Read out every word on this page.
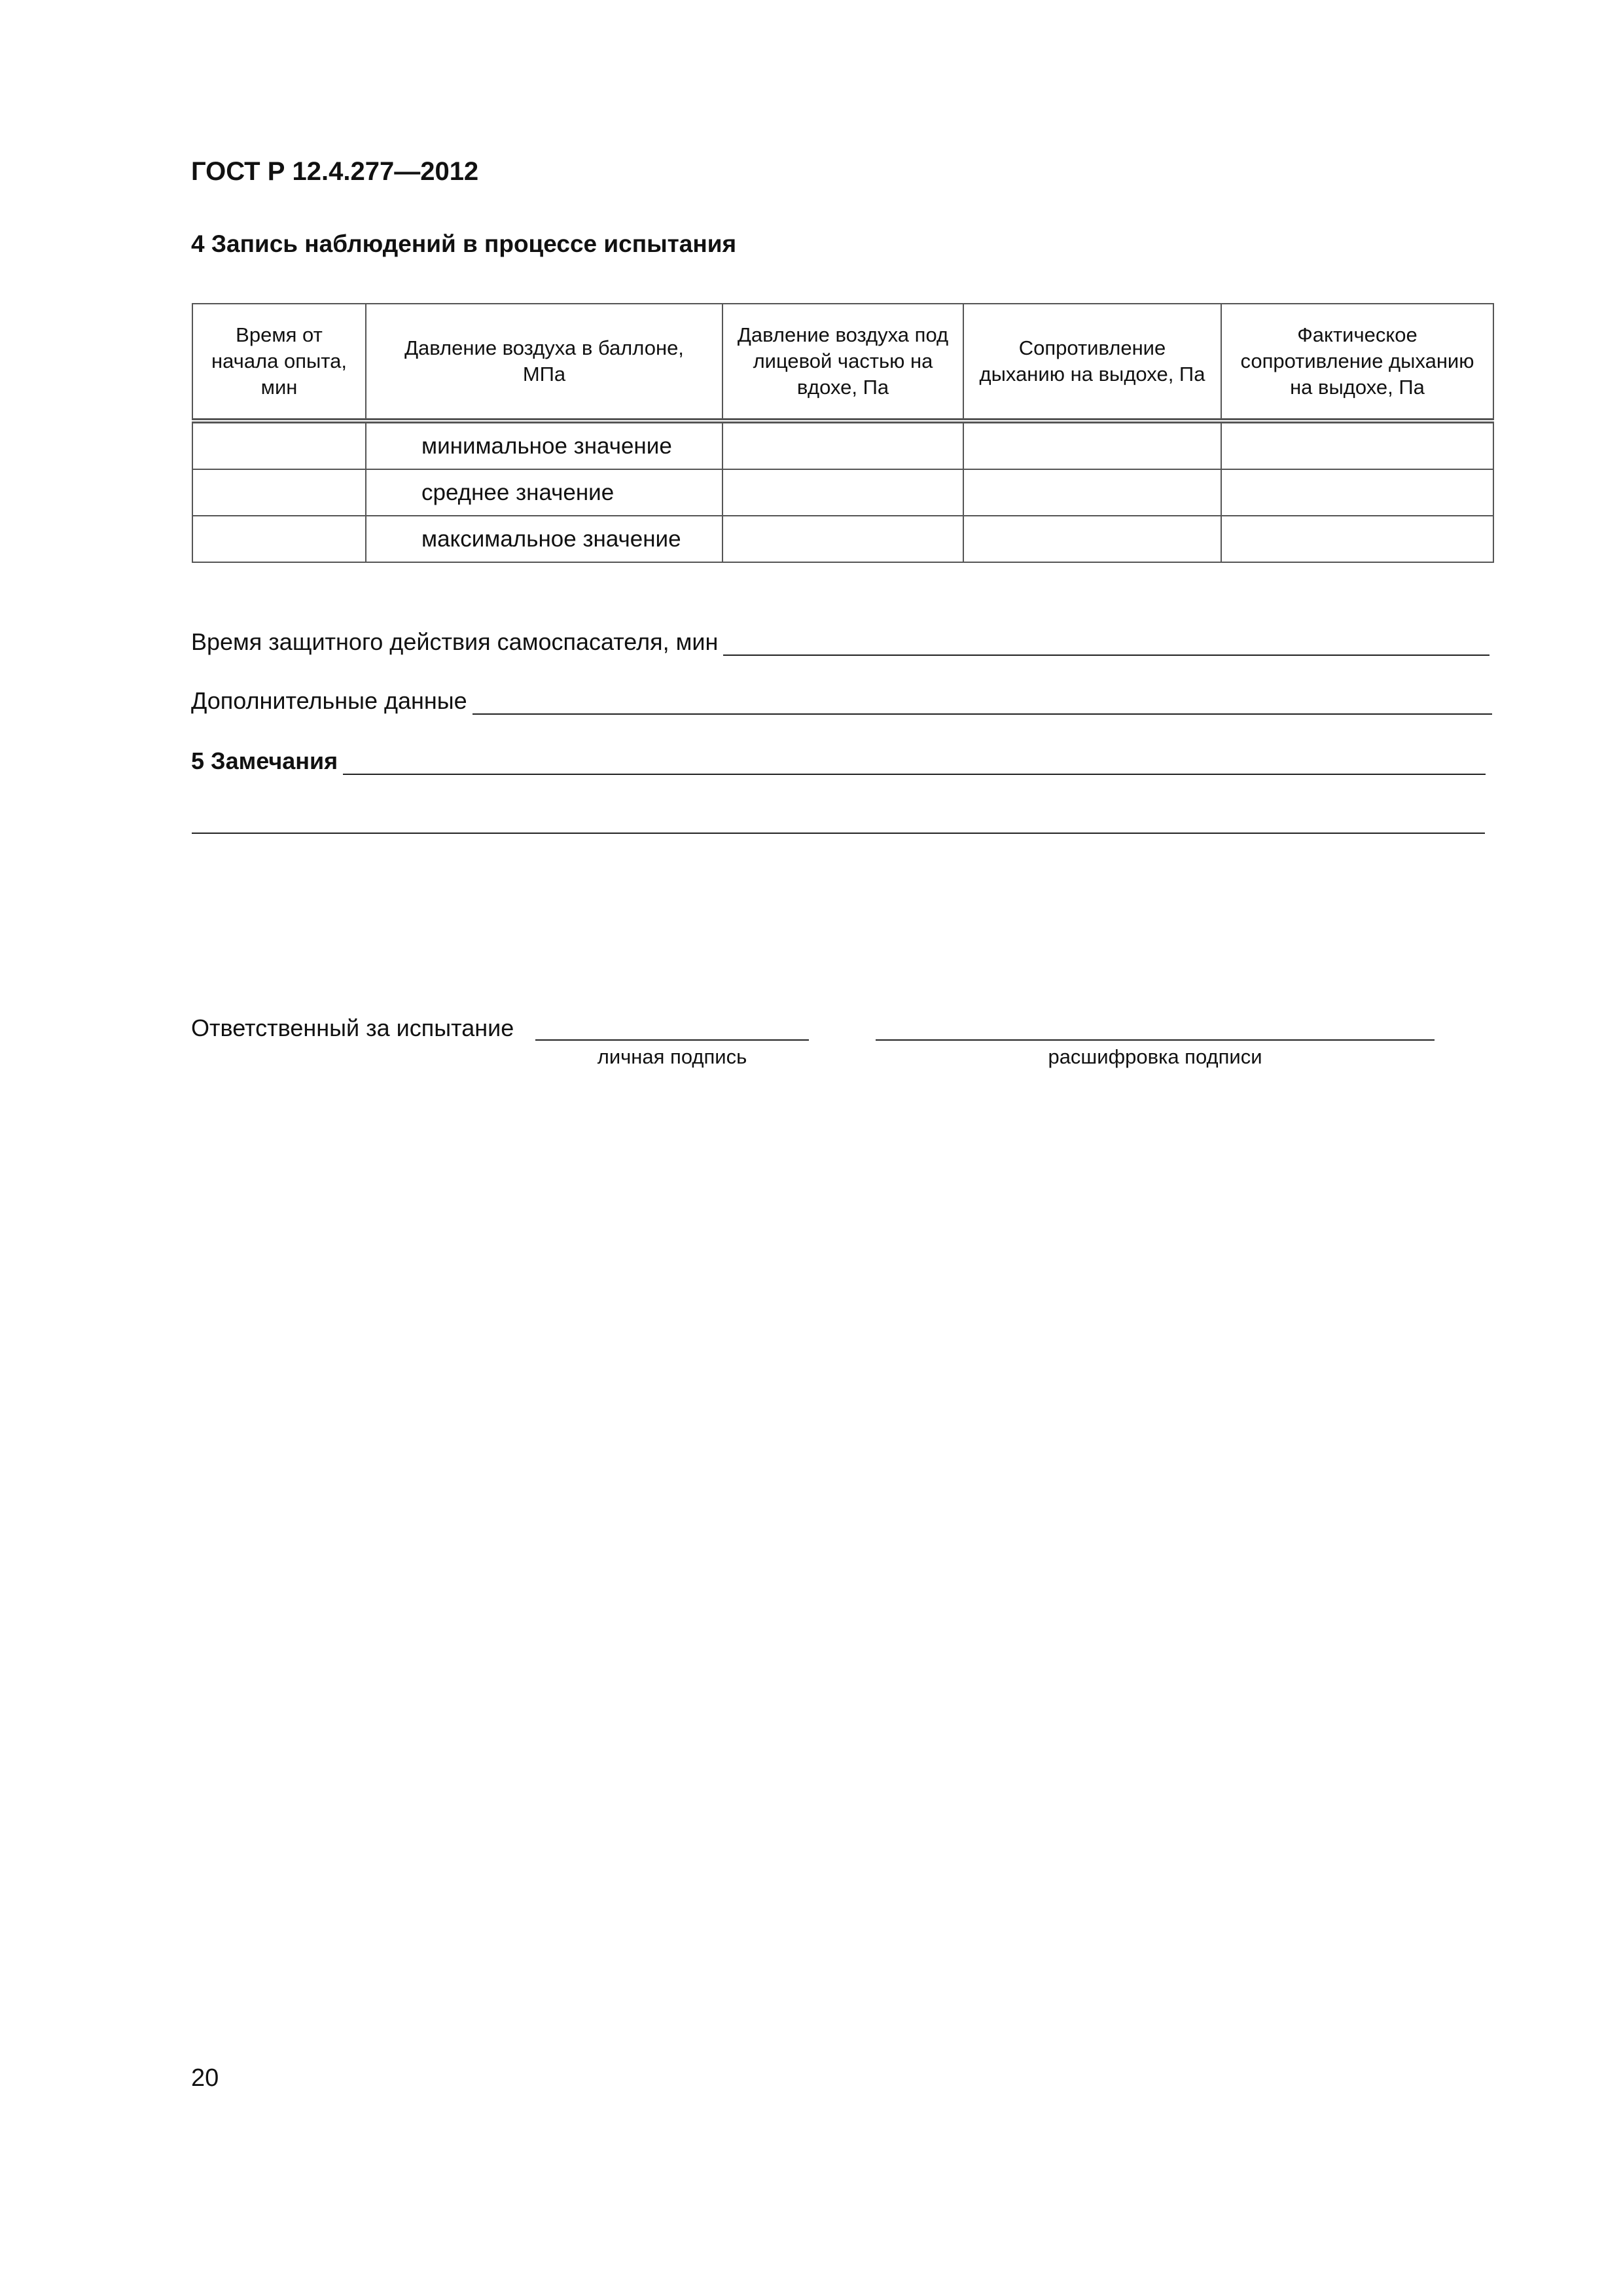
ГОСТ Р 12.4.277—2012
4 Запись наблюдений в процессе испытания
Время от начала опыта, мин	Давление воздуха в баллоне, МПа	Давление воздуха под лицевой частью на вдохе, Па	Сопротивление дыханию на выдохе, Па	Фактическое сопротивление дыханию на выдохе, Па
	минимальное значение			
	среднее значение			
	максимальное значение			
Время защитного действия самоспасателя, мин
Дополнительные данные
5 Замечания
Ответственный за испытание
личная подпись	расшифровка подписи
20
